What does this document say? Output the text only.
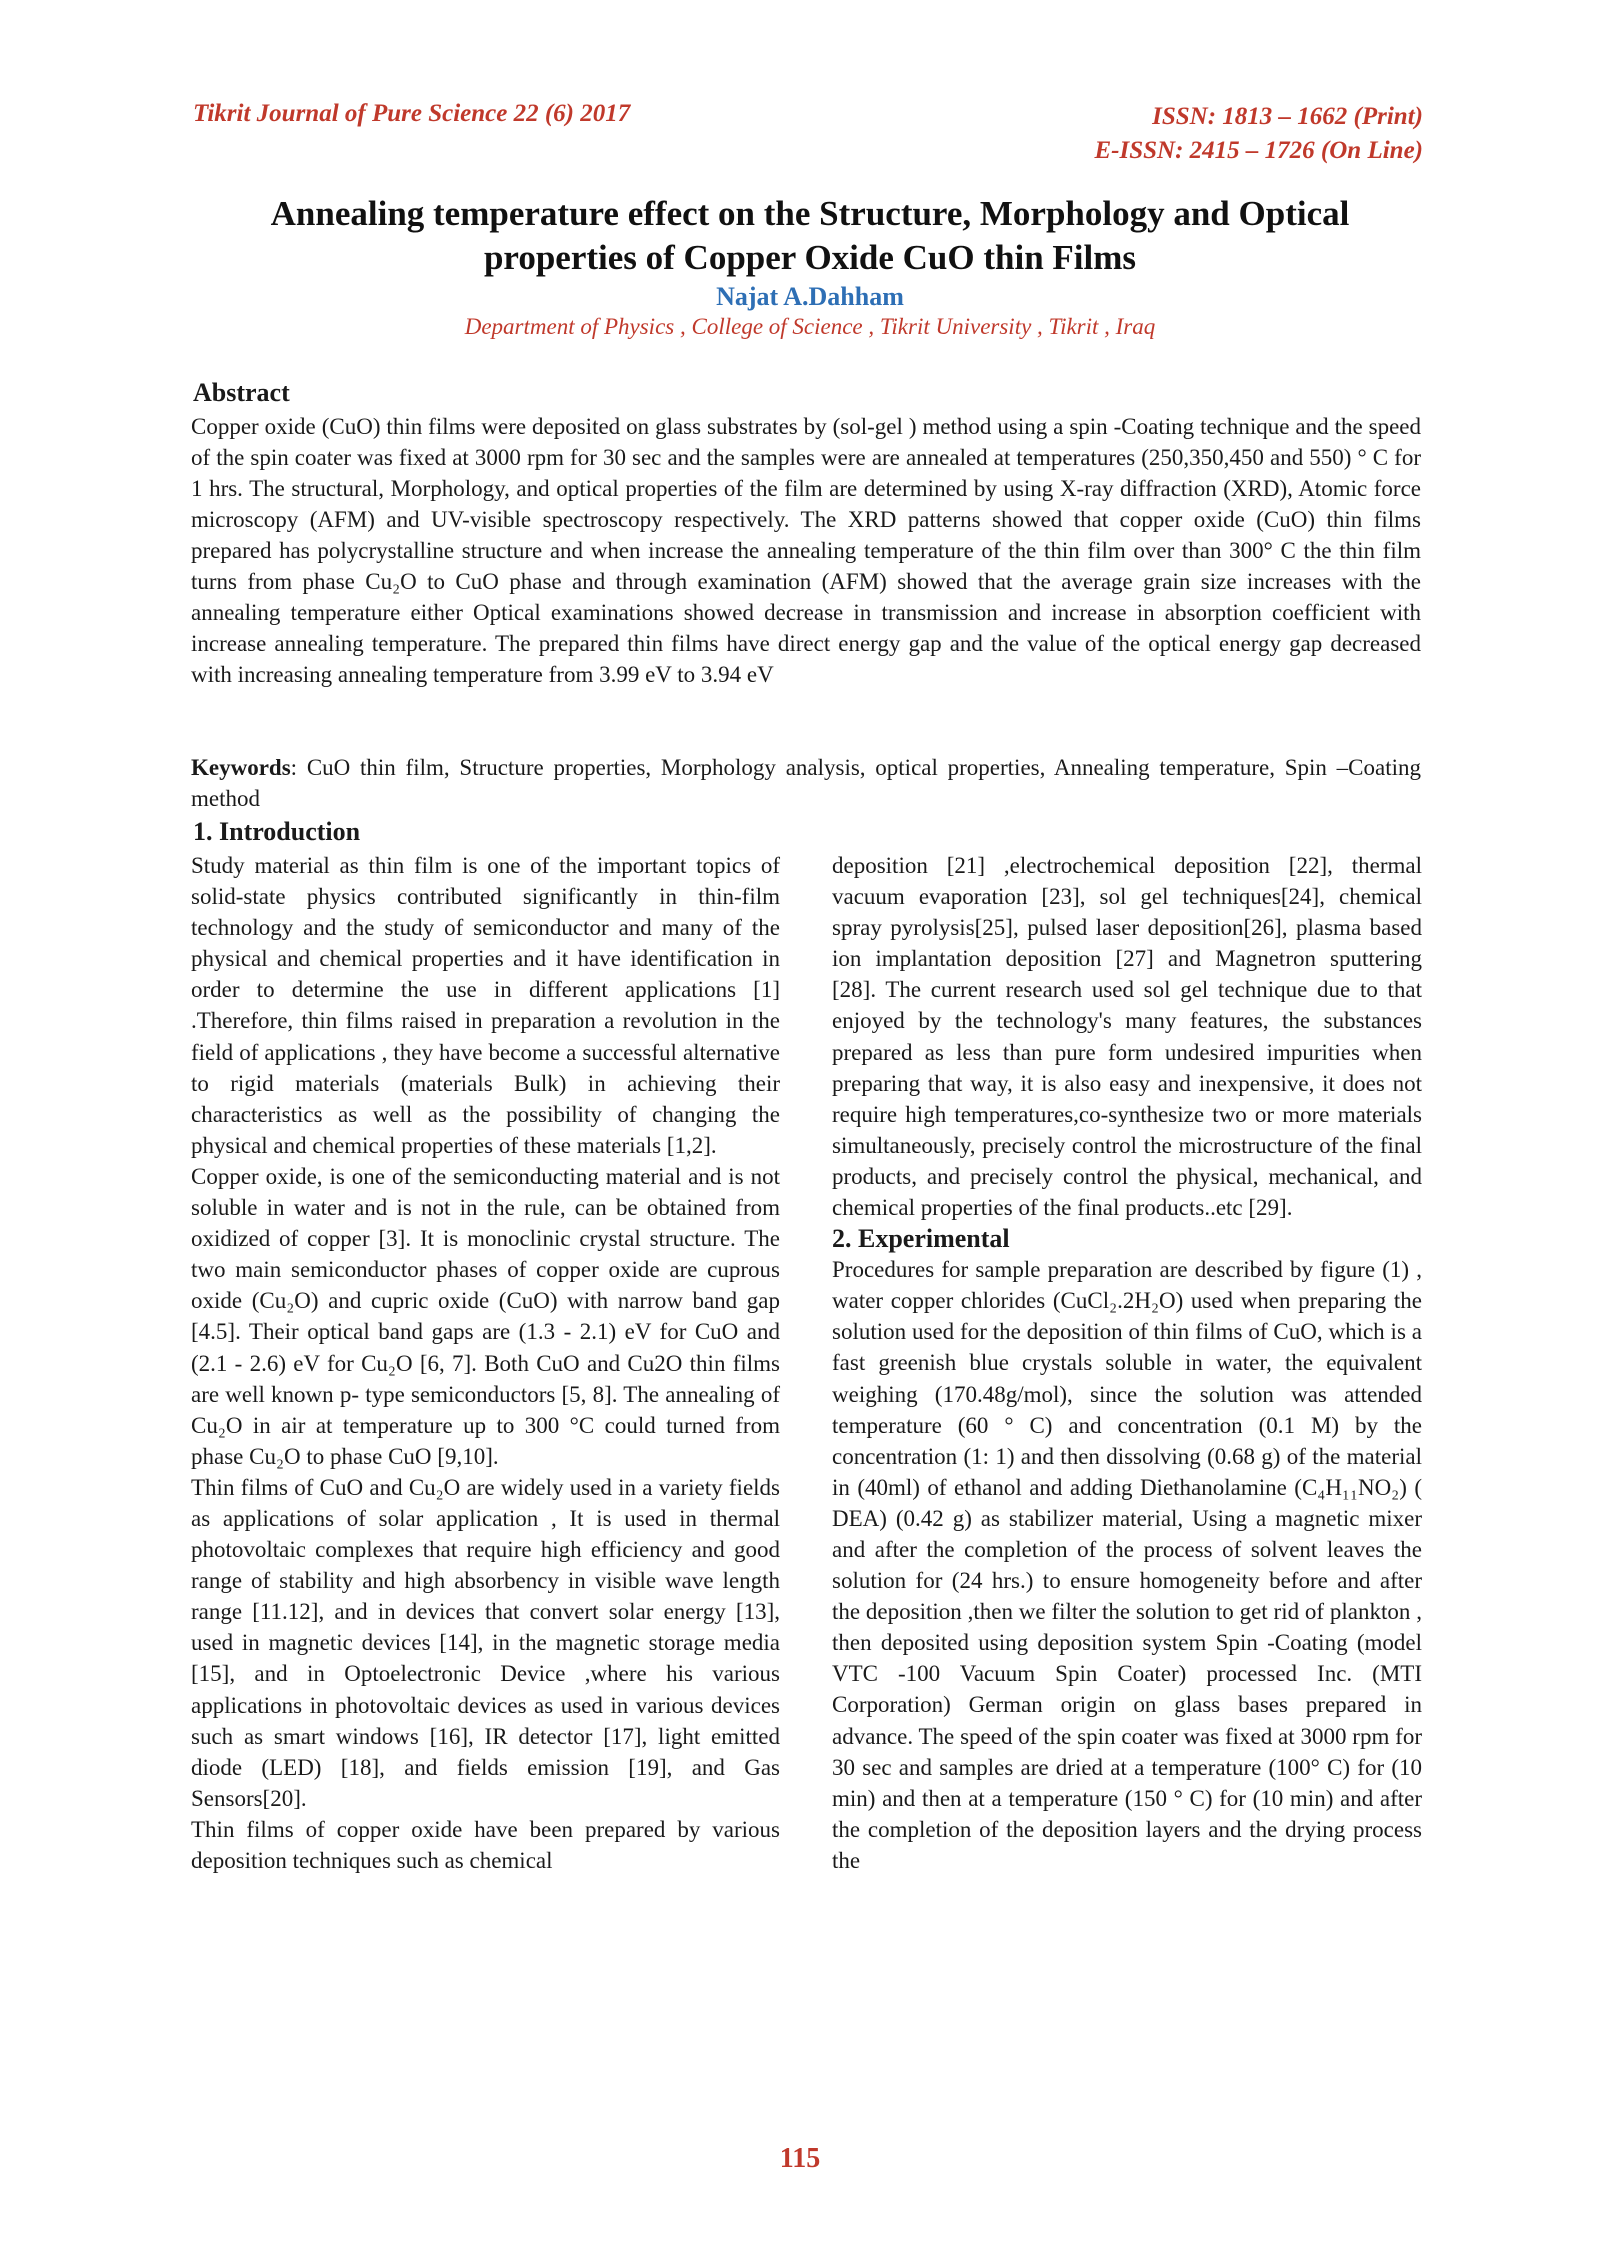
Tikrit Journal of Pure Science 22 (6) 2017	ISSN: 1813 – 1662 (Print)
E-ISSN: 2415 – 1726 (On Line)
Annealing temperature effect on the Structure, Morphology and Optical
properties of Copper Oxide CuO thin Films
Najat A.Dahham
Department of Physics , College of Science , Tikrit University , Tikrit , Iraq
Abstract
Copper oxide (CuO) thin films were deposited on glass substrates by (sol-gel ) method using a spin -Coating technique and the speed of the spin coater was fixed at 3000 rpm for 30 sec and the samples were are annealed at temperatures (250,350,450 and 550) ° C for 1 hrs. The structural, Morphology, and optical properties of the film are determined by using X-ray diffraction (XRD), Atomic force microscopy (AFM) and UV-visible spectroscopy respectively. The XRD patterns showed that copper oxide (CuO) thin films prepared has polycrystalline structure and when increase the annealing temperature of the thin film over than 300° C the thin film turns from phase Cu₂O to CuO phase and through examination (AFM) showed that the average grain size increases with the annealing temperature either Optical examinations showed decrease in transmission and increase in absorption coefficient with increase annealing temperature. The prepared thin films have direct energy gap and the value of the optical energy gap decreased with increasing annealing temperature from 3.99 eV to 3.94 eV
Keywords: CuO thin film, Structure properties, Morphology analysis, optical properties, Annealing temperature, Spin –Coating method
1. Introduction

Study material as thin film is one of the important topics of solid-state physics contributed significantly in thin-film technology and the study of semiconductor and many of the physical and chemical properties and it have identification in order to determine the use in different applications [1] .Therefore, thin films raised in preparation a revolution in the field of applications , they have become a successful alternative to rigid materials (materials Bulk) in achieving their characteristics as well as the possibility of changing the physical and chemical properties of these materials [1,2].

Copper oxide, is one of the semiconducting material and is not soluble in water and is not in the rule, can be obtained from oxidized of copper [3]. It is monoclinic crystal structure. The two main semiconductor phases of copper oxide are cuprous oxide (Cu₂O) and cupric oxide (CuO) with narrow band gap [4.5]. Their optical band gaps are (1.3 - 2.1) eV for CuO and (2.1 - 2.6) eV for Cu₂O [6, 7]. Both CuO and Cu2O thin films are well known p- type semiconductors [5, 8]. The annealing of Cu₂O in air at temperature up to 300 °C could turned from phase Cu₂O to phase CuO [9,10].

Thin films of CuO and Cu₂O are widely used in a variety fields as applications of solar application , It is used in thermal photovoltaic complexes that require high efficiency and good range of stability and high absorbency in visible wave length range [11.12], and in devices that convert solar energy [13], used in magnetic devices [14], in the magnetic storage media [15], and in Optoelectronic Device ,where his various applications in photovoltaic devices as used in various devices such as smart windows [16], IR detector [17], light emitted diode (LED) [18], and fields emission [19], and Gas Sensors[20].

Thin films of copper oxide have been prepared by various deposition techniques such as chemical

deposition [21] ,electrochemical deposition [22], thermal vacuum evaporation [23], sol gel techniques[24], chemical spray pyrolysis[25], pulsed laser deposition[26], plasma based ion implantation deposition [27] and Magnetron sputtering [28]. The current research used sol gel technique due to that enjoyed by the technology's many features, the substances prepared as less than pure form undesired impurities when preparing that way, it is also easy and inexpensive, it does not require high temperatures,co-synthesize two or more materials simultaneously, precisely control the microstructure of the final products, and precisely control the physical, mechanical, and chemical properties of the final products..etc [29].

2. Experimental

Procedures for sample preparation are described by figure (1) , water copper chlorides (CuCl₂.2H₂O) used when preparing the solution used for the deposition of thin films of CuO, which is a fast greenish blue crystals soluble in water, the equivalent weighing (170.48g/mol), since the solution was attended temperature (60 ° C) and concentration (0.1 M) by the concentration (1: 1) and then dissolving (0.68 g) of the material in (40ml) of ethanol and adding Diethanolamine (C₄H₁₁NO₂) ( DEA) (0.42 g) as stabilizer material, Using a magnetic mixer and after the completion of the process of solvent leaves the solution for (24 hrs.) to ensure homogeneity before and after the deposition ,then we filter the solution to get rid of plankton , then deposited using deposition system Spin -Coating (model VTC -100 Vacuum Spin Coater) processed Inc. (MTI Corporation) German origin on glass bases prepared in advance. The speed of the spin coater was fixed at 3000 rpm for 30 sec and samples are dried at a temperature (100° C) for (10 min) and then at a temperature (150 ° C) for (10 min) and after the completion of the deposition layers and the drying process the

115
